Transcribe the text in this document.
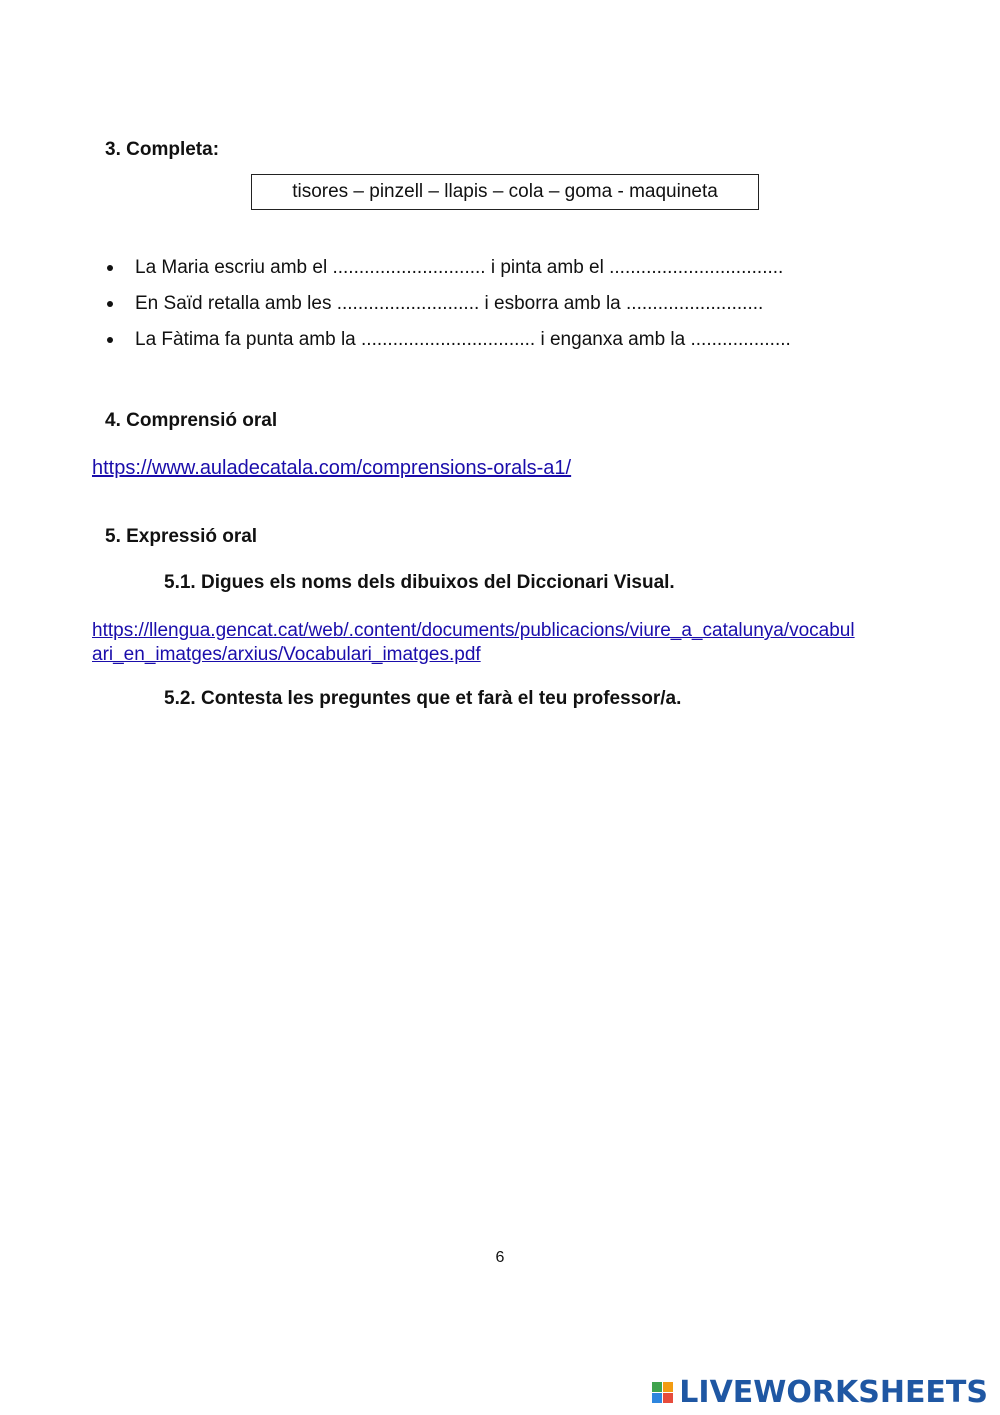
3. Completa:
tisores – pinzell – llapis – cola – goma - maquineta
La Maria escriu amb el ............................. i pinta amb el .................................
En Saïd retalla amb les ........................... i esborra amb la ..........................
La Fàtima fa punta amb la ................................. i enganxa amb la ...................
4. Comprensió oral
https://www.auladecatala.com/comprensions-orals-a1/
5. Expressió oral
5.1. Digues els noms dels dibuixos del Diccionari Visual.
https://llengua.gencat.cat/web/.content/documents/publicacions/viure_a_catalunya/vocabul
ari_en_imatges/arxius/Vocabulari_imatges.pdf
5.2. Contesta les preguntes que et farà el teu professor/a.
6
LIVEWORKSHEETS
